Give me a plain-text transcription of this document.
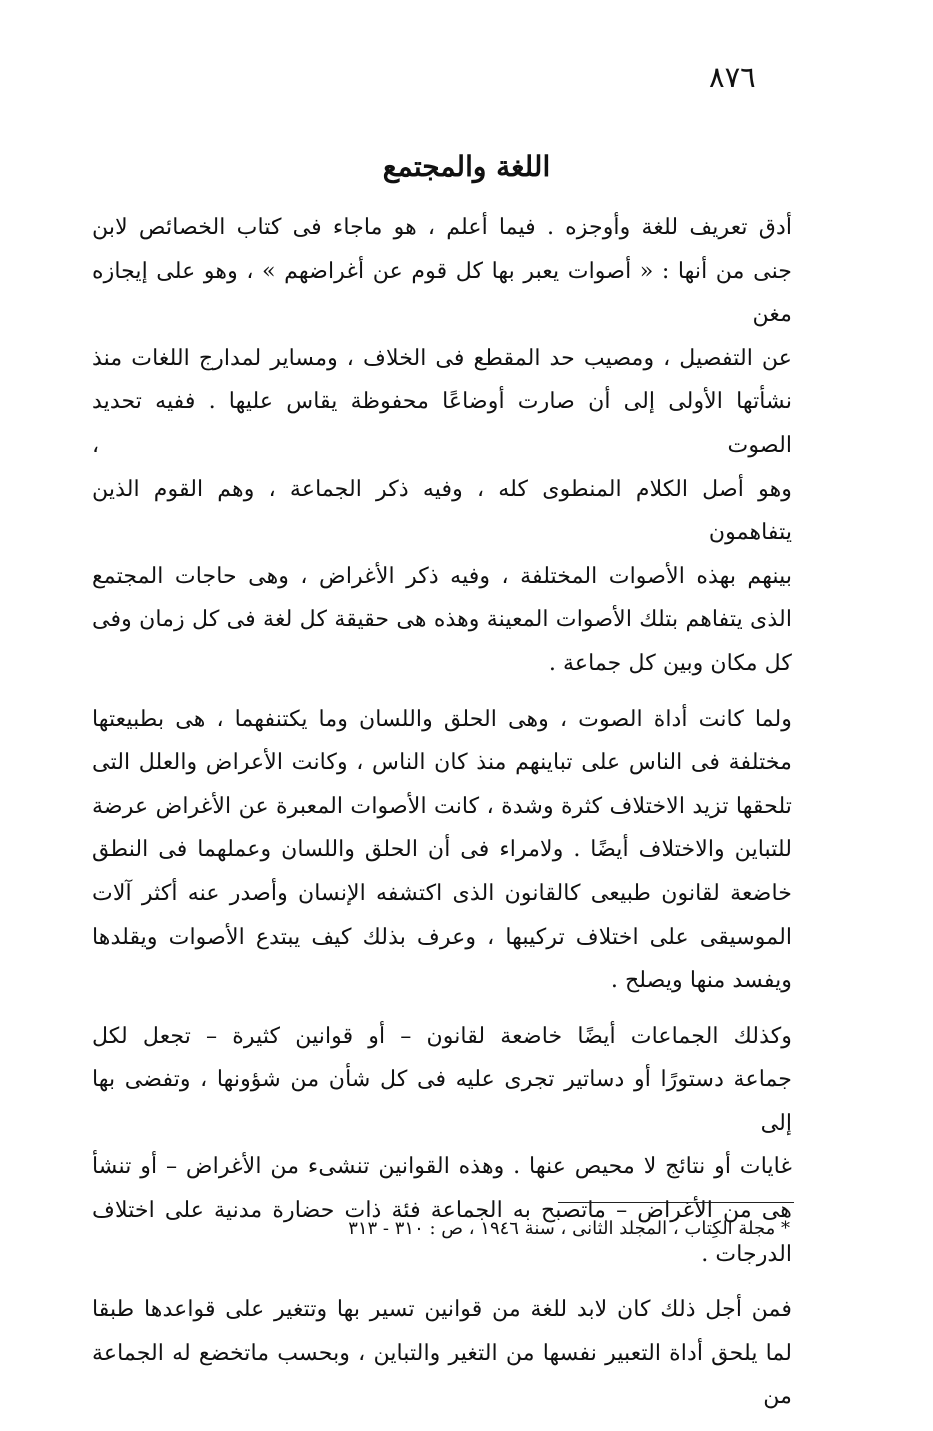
٨٧٦
اللغة والمجتمع

أدق تعريف للغة وأوجزه . فيما أعلم ، هو ماجاء فى كتاب الخصائص لابن
جنى من أنها : « أصوات يعبر بها كل قوم عن أغراضهم » ، وهو على إيجازه مغن
عن التفصيل ، ومصيب حد المقطع فى الخلاف ، ومساير لمدارج اللغات منذ
نشأتها الأولى إلى أن صارت أوضاعًا محفوظة يقاس عليها . ففيه تحديد الصوت ،
وهو أصل الكلام المنطوى كله ، وفيه ذكر الجماعة ، وهم القوم الذين يتفاهمون
بينهم بهذه الأصوات المختلفة ، وفيه ذكر الأغراض ، وهى حاجات المجتمع
الذى يتفاهم بتلك الأصوات المعينة وهذه هى حقيقة كل لغة فى كل زمان وفى
كل مكان وبين كل جماعة .

ولما كانت أداة الصوت ، وهى الحلق واللسان وما يكتنفهما ، هى بطبيعتها
مختلفة فى الناس على تباينهم منذ كان الناس ، وكانت الأعراض والعلل التى
تلحقها تزيد الاختلاف كثرة وشدة ، كانت الأصوات المعبرة عن الأغراض عرضة
للتباين والاختلاف أيضًا . ولامراء فى أن الحلق واللسان وعملهما فى النطق
خاضعة لقانون طبيعى كالقانون الذى اكتشفه الإنسان وأصدر عنه أكثر آلات
الموسيقى على اختلاف تركيبها ، وعرف بذلك كيف يبتدع الأصوات ويقلدها
ويفسد منها ويصلح .

وكذلك الجماعات أيضًا خاضعة لقانون – أو قوانين كثيرة – تجعل لكل
جماعة دستورًا أو دساتير تجرى عليه فى كل شأن من شؤونها ، وتفضى بها إلى
غايات أو نتائج لا محيص عنها . وهذه القوانين تنشىء من الأغراض – أو تنشأ
هى من الأغراض – ماتصبح به الجماعة فئة ذات حضارة مدنية على اختلاف
الدرجات .

فمن أجل ذلك كان لابد للغة من قوانين تسير بها وتتغير على قواعدها طبقا
لما يلحق أداة التعبير نفسها من التغير والتباين ، وبحسب ماتخضع له الجماعة من

* مجلة الكِتاب ، المجلد الثانى ، سنة ١٩٤٦ ، ص : ٣١٠ - ٣١٣
